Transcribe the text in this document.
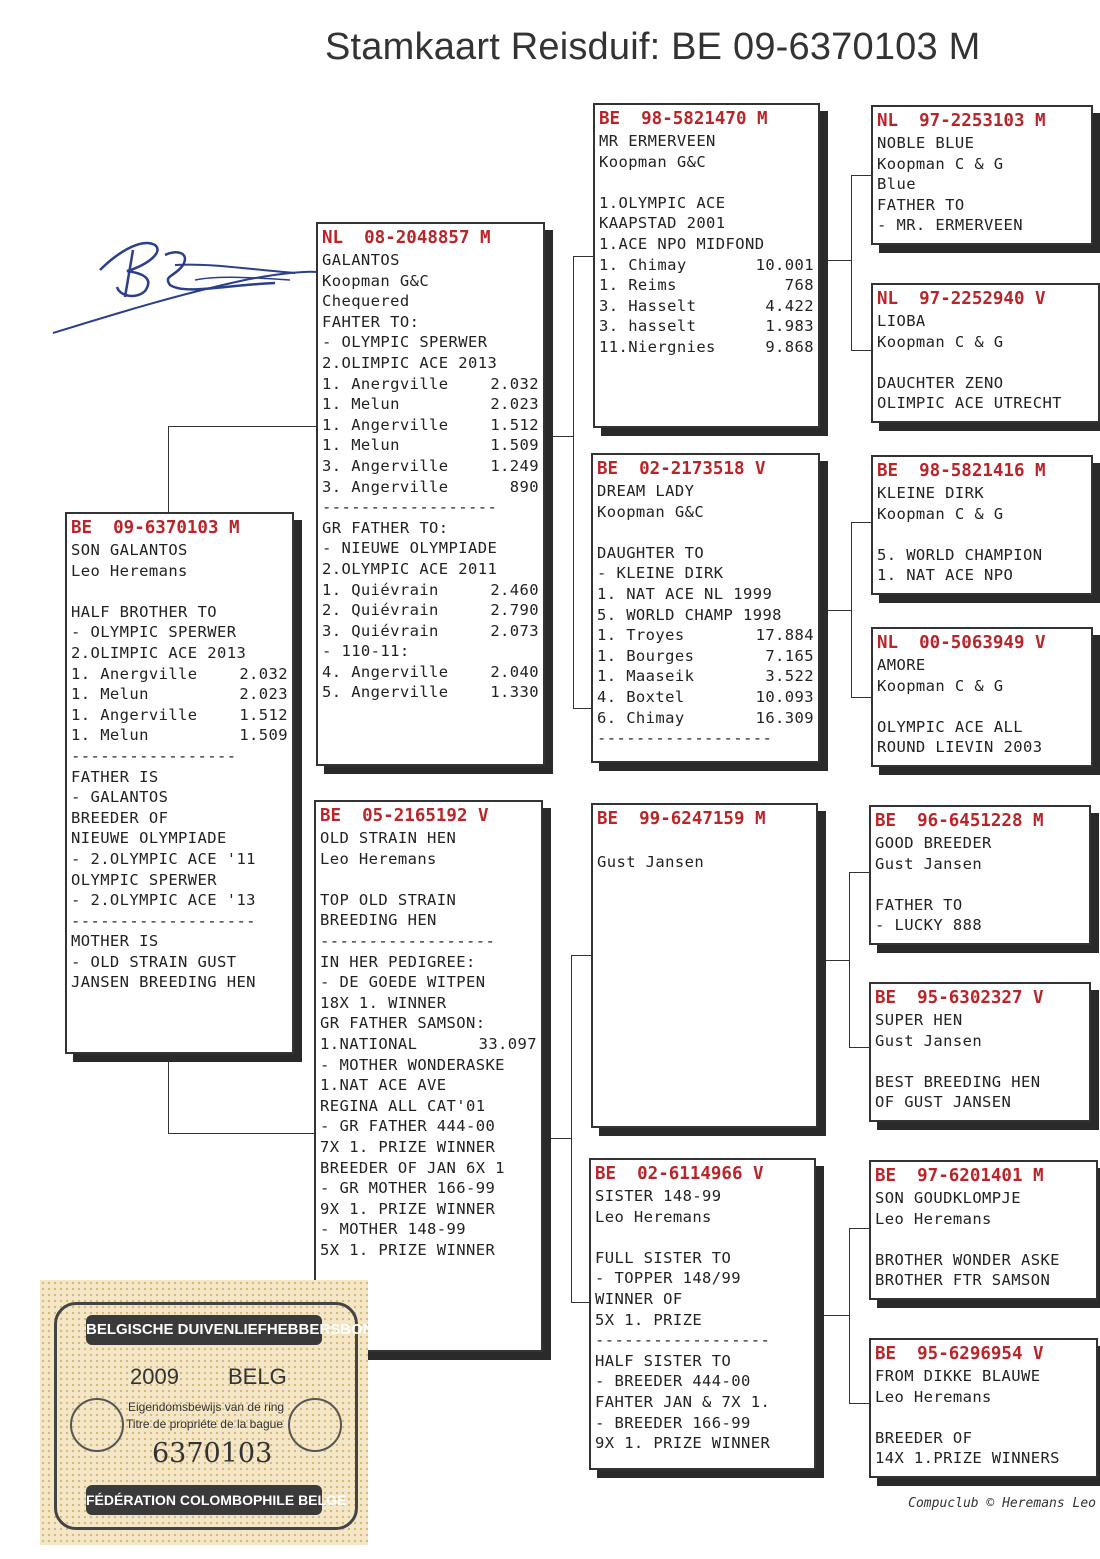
Stamkaart Reisduif: BE 09-6370103 M
BE  09-6370103 M
SON GALANTOS
Leo Heremans

HALF BROTHER TO
- OLYMPIC SPERWER
2.OLIMPIC ACE 2013
1. Anergville	2.032
1. Melun	2.023
1. Angerville	1.512
1. Melun	1.509
-----------------
FATHER IS
- GALANTOS
BREEDER OF
NIEUWE OLYMPIADE
- 2.OLYMPIC ACE '11
OLYMPIC SPERWER
- 2.OLYMPIC ACE '13
-------------------
MOTHER IS
- OLD STRAIN GUST
JANSEN BREEDING HEN
NL  08-2048857 M
GALANTOS
Koopman G&C
Chequered
FAHTER TO:
- OLYMPIC SPERWER
2.OLIMPIC ACE 2013
1. Anergville	2.032
1. Melun	2.023
1. Angerville	1.512
1. Melun	1.509
3. Angerville	1.249
3. Angerville	890
------------------
GR FATHER TO:
- NIEUWE OLYMPIADE
2.OLYMPIC ACE 2011
1. Quiévrain	2.460
2. Quiévrain	2.790
3. Quiévrain	2.073
- 110-11:
4. Angerville	2.040
5. Angerville	1.330
BE  05-2165192 V
OLD STRAIN HEN
Leo Heremans

TOP OLD STRAIN
BREEDING HEN
------------------
IN HER PEDIGREE:
- DE GOEDE WITPEN
18X 1. WINNER
GR FATHER SAMSON:
1.NATIONAL	33.097
- MOTHER WONDERASKE
1.NAT ACE AVE
REGINA ALL CAT'01
- GR FATHER 444-00
7X 1. PRIZE WINNER
BREEDER OF JAN 6X 1
- GR MOTHER 166-99
9X 1. PRIZE WINNER
- MOTHER 148-99
5X 1. PRIZE WINNER
BE  98-5821470 M
MR ERMERVEEN
Koopman G&C

1.OLYMPIC ACE
KAAPSTAD 2001
1.ACE NPO MIDFOND
1. Chimay	10.001
1. Reims	768
3. Hasselt	4.422
3. hasselt	1.983
11.Niergnies	9.868
BE  02-2173518 V
DREAM LADY
Koopman G&C

DAUGHTER TO
- KLEINE DIRK
1. NAT ACE NL 1999
5. WORLD CHAMP 1998
1. Troyes	17.884
1. Bourges	7.165
1. Maaseik	3.522
4. Boxtel	10.093
6. Chimay	16.309
------------------
BE  99-6247159 M

Gust Jansen
BE  02-6114966 V
SISTER 148-99
Leo Heremans

FULL SISTER TO
- TOPPER 148/99
WINNER OF
5X 1. PRIZE
------------------
HALF SISTER TO
- BREEDER 444-00
FAHTER JAN & 7X 1.
- BREEDER 166-99
9X 1. PRIZE WINNER
NL  97-2253103 M
NOBLE BLUE
Koopman C & G
Blue
FATHER TO
- MR. ERMERVEEN
NL  97-2252940 V
LIOBA
Koopman C & G

DAUCHTER ZENO
OLIMPIC ACE UTRECHT
BE  98-5821416 M
KLEINE DIRK
Koopman C & G

5. WORLD CHAMPION
1. NAT ACE NPO
NL  00-5063949 V
AMORE
Koopman C & G

OLYMPIC ACE ALL
ROUND LIEVIN 2003
BE  96-6451228 M
GOOD BREEDER
Gust Jansen

FATHER TO
- LUCKY 888
BE  95-6302327 V
SUPER HEN
Gust Jansen

BEST BREEDING HEN
OF GUST JANSEN
BE  97-6201401 M
SON GOUDKLOMPJE
Leo Heremans

BROTHER WONDER ASKE
BROTHER FTR SAMSON
BE  95-6296954 V
FROM DIKKE BLAUWE
Leo Heremans

BREEDER OF
14X 1.PRIZE WINNERS
Compuclub © Heremans Leo
BELGISCHE DUIVENLIEFHEBBERSBOND
2009 BELG
Eigendomsbewijs van de ring
Titre de propriéte de la bague
6370103
FÉDÉRATION COLOMBOPHILE BELGE
